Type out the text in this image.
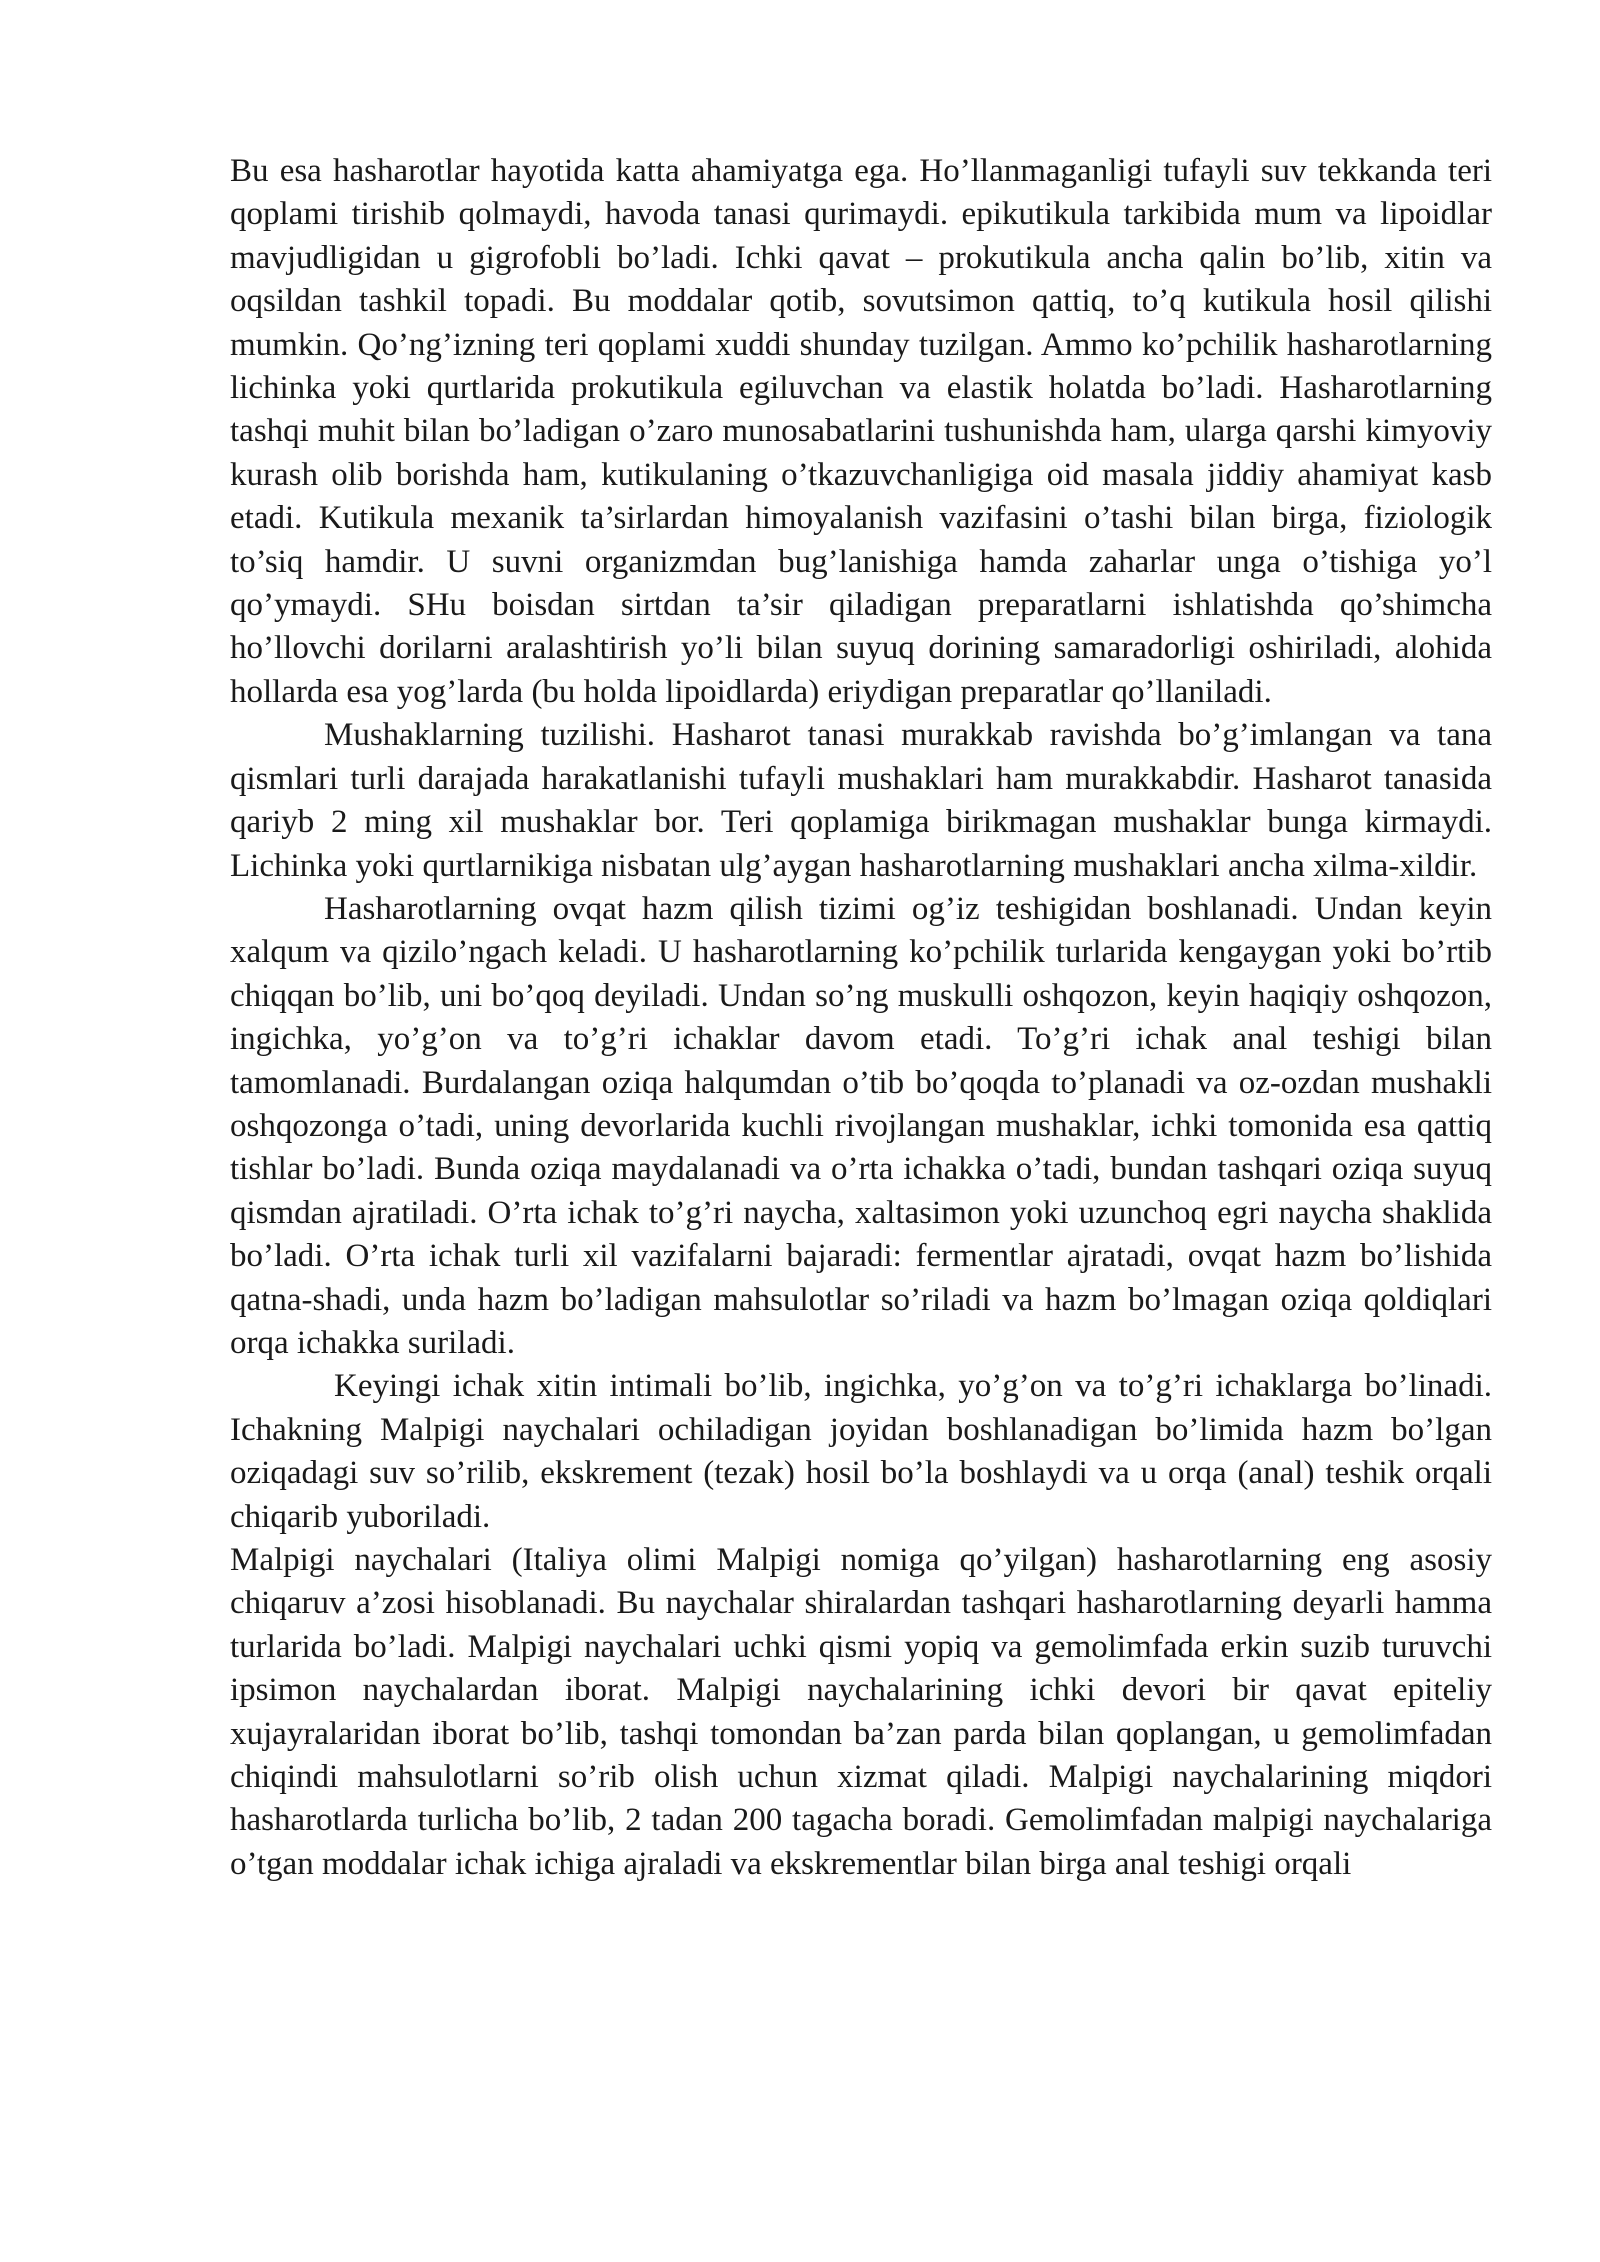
Bu esa hasharotlar hayotida katta ahamiyatga ega. Ho’llanmaganligi tufayli suv tekkanda teri qoplami tirishib qolmaydi, havoda tanasi qurimaydi. epikutikula tarkibida mum va lipoidlar mavjudligidan u gigrofobli bo’ladi. Ichki qavat – prokutikula ancha qalin bo’lib, xitin va oqsildan tashkil topadi. Bu moddalar qotib, sovutsimon qattiq, to’q kutikula hosil qilishi mumkin. Qo’ng’izning teri qoplami xuddi shunday tuzilgan. Ammo ko’pchilik hasharotlarning lichinka yoki qurtlarida prokutikula egiluvchan va elastik holatda bo’ladi. Hasharotlarning tashqi muhit bilan bo’ladigan o’zaro munosabatlarini tushunishda ham, ularga qarshi kimyoviy kurash olib borishda ham, kutikulaning o’tkazuvchanligiga oid masala jiddiy ahamiyat kasb etadi. Kutikula mexanik ta’sirlardan himoyalanish vazifasini o’tashi bilan birga, fiziologik to’siq hamdir. U suvni organizmdan bug’lanishiga hamda zaharlar unga o’tishiga yo’l qo’ymaydi. SHu boisdan sirtdan ta’sir qiladigan preparatlarni ishlatishda qo’shimcha ho’llovchi dorilarni aralashtirish yo’li bilan suyuq dorining samaradorligi oshiriladi, alohida hollarda esa yog’larda (bu holda lipoidlarda) eriydigan preparatlar qo’llaniladi.

Mushaklarning tuzilishi. Hasharot tanasi murakkab ravishda bo’g’imlangan va tana qismlari turli darajada harakatlanishi tufayli mushaklari ham murakkabdir. Hasharot tanasida qariyb 2 ming xil mushaklar bor. Teri qoplamiga birikmagan mushaklar bunga kirmaydi. Lichinka yoki qurtlarnikiga nisbatan ulg’aygan hasharotlarning mushaklari ancha xilma-xildir.

Hasharotlarning ovqat hazm qilish tizimi og’iz teshigidan boshlanadi. Undan keyin xalqum va qizilo’ngach keladi. U hasharotlarning ko’pchilik turlarida kengaygan yoki bo’rtib chiqqan bo’lib, uni bo’qoq deyiladi. Undan so’ng muskulli oshqozon, keyin haqiqiy oshqozon, ingichka, yo’g’on va to’g’ri ichaklar davom etadi. To’g’ri ichak anal teshigi bilan tamomlanadi. Burdalangan oziqa halqumdan o’tib bo’qoqda to’planadi va oz-ozdan mushakli oshqozonga o’tadi, uning devorlarida kuchli rivojlangan mushaklar, ichki tomonida esa qattiq tishlar bo’ladi. Bunda oziqa maydalanadi va o’rta ichakka o’tadi, bundan tashqari oziqa suyuq qismdan ajratiladi. O’rta ichak to’g’ri naycha, xaltasimon yoki uzunchoq egri naycha shaklida bo’ladi. O’rta ichak turli xil vazifalarni bajaradi: fermentlar ajratadi, ovqat hazm bo’lishida qatna-shadi, unda hazm bo’ladigan mahsulotlar so’riladi va hazm bo’lmagan oziqa qoldiqlari orqa ichakka suriladi.

Keyingi ichak xitin intimali bo’lib, ingichka, yo’g’on va to’g’ri ichaklarga bo’linadi. Ichakning Malpigi naychalari ochiladigan joyidan boshlanadigan bo’limida hazm bo’lgan oziqadagi suv so’rilib, ekskrement (tezak) hosil bo’la boshlaydi va u orqa (anal) teshik orqali chiqarib yuboriladi.

Malpigi naychalari (Italiya olimi Malpigi nomiga qo’yilgan) hasharotlarning eng asosiy chiqaruv a’zosi hisoblanadi. Bu naychalar shiralardan tashqari hasharotlarning deyarli hamma turlarida bo’ladi. Malpigi naychalari uchki qismi yopiq va gemolimfada erkin suzib turuvchi ipsimon naychalardan iborat. Malpigi naychalarining ichki devori bir qavat epiteliy xujayralaridan iborat bo’lib, tashqi tomondan ba’zan parda bilan qoplangan, u gemolimfadan chiqindi mahsulotlarni so’rib olish uchun xizmat qiladi. Malpigi naychalarining miqdori hasharotlarda turlicha bo’lib, 2 tadan 200 tagacha boradi. Gemolimfadan malpigi naychalariga o’tgan moddalar ichak ichiga ajraladi va ekskrementlar bilan birga anal teshigi orqali
